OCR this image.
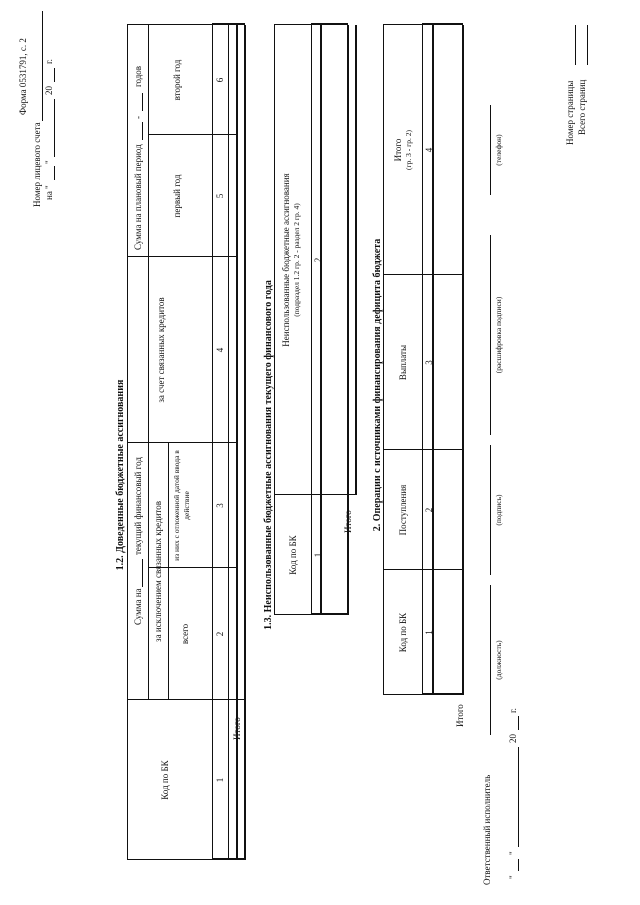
Форма 0531791, с. 2
Номер лицевого счета на "
"
20
г.
1.2. Доведенные бюджетные ассигнования
Код по БК
Сумма на
текущий финансовый год
Сумма на плановый период
-
годов
за исключением связанных кредитов всего
из них с отложенной датой ввода в действие
за счет связанных кредитов
первый год
второй год
1
2
3
4
5
6
Итого
1.3. Неиспользованные бюджетные ассигнования текущего финансового года Код по БК
Неиспользованные бюджетные ассигнования (подраздел 1.2 гр. 2 - раздел 2 гр. 4)
1
2
Итого 2. Операции с источниками финансирования дефицита бюджета
Код по БК
Поступления
Выплаты
Итого (гр. 3 - гр. 2)
1
2
3
4
Итого
Ответственный исполнитель
(должность)
(подпись)
(расшифровка подписи)
(телефон)
"
"
20
г.
Номер страницы Всего страниц
